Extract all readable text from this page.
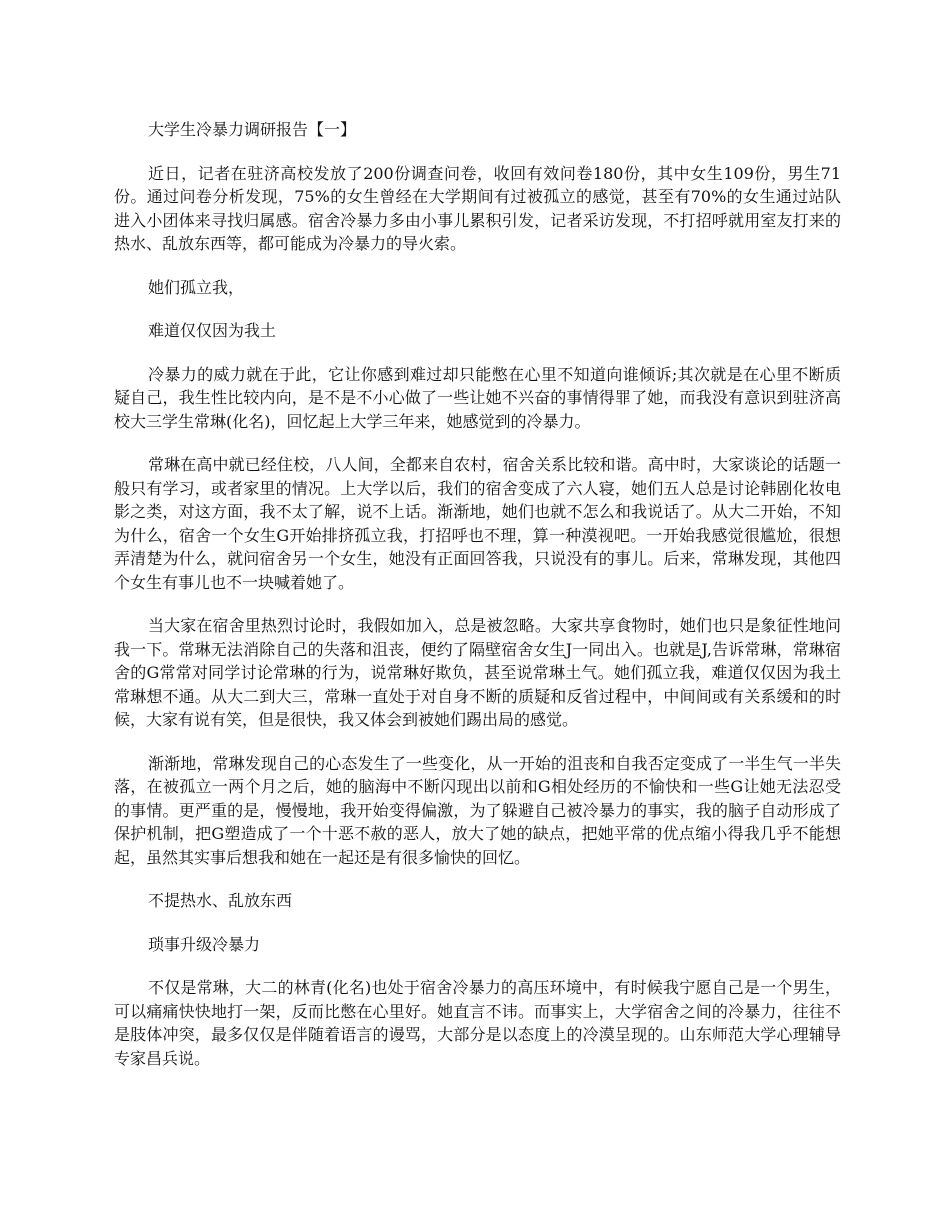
大学生冷暴力调研报告【一】

近日，记者在驻济高校发放了200份调查问卷，收回有效问卷180份，其中女生109份，男生71份。通过问卷分析发现，75%的女生曾经在大学期间有过被孤立的感觉，甚至有70%的女生通过站队进入小团体来寻找归属感。宿舍冷暴力多由小事儿累积引发，记者采访发现，不打招呼就用室友打来的热水、乱放东西等，都可能成为冷暴力的导火索。

她们孤立我，

难道仅仅因为我土

冷暴力的威力就在于此，它让你感到难过却只能憋在心里不知道向谁倾诉;其次就是在心里不断质疑自己，我生性比较内向，是不是不小心做了一些让她不兴奋的事情得罪了她，而我没有意识到驻济高校大三学生常琳(化名)，回忆起上大学三年来，她感觉到的冷暴力。

常琳在高中就已经住校，八人间，全都来自农村，宿舍关系比较和谐。高中时，大家谈论的话题一般只有学习，或者家里的情况。上大学以后，我们的宿舍变成了六人寝，她们五人总是讨论韩剧化妆电影之类，对这方面，我不太了解，说不上话。渐渐地，她们也就不怎么和我说话了。从大二开始，不知为什么，宿舍一个女生G开始排挤孤立我，打招呼也不理，算一种漠视吧。一开始我感觉很尴尬，很想弄清楚为什么，就问宿舍另一个女生，她没有正面回答我，只说没有的事儿。后来，常琳发现，其他四个女生有事儿也不一块喊着她了。

当大家在宿舍里热烈讨论时，我假如加入，总是被忽略。大家共享食物时，她们也只是象征性地问我一下。常琳无法消除自己的失落和沮丧，便约了隔壁宿舍女生J一同出入。也就是J,告诉常琳，常琳宿舍的G常常对同学讨论常琳的行为，说常琳好欺负，甚至说常琳土气。她们孤立我，难道仅仅因为我土常琳想不通。从大二到大三，常琳一直处于对自身不断的质疑和反省过程中，中间间或有关系缓和的时候，大家有说有笑，但是很快，我又体会到被她们踢出局的感觉。

渐渐地，常琳发现自己的心态发生了一些变化，从一开始的沮丧和自我否定变成了一半生气一半失落，在被孤立一两个月之后，她的脑海中不断闪现出以前和G相处经历的不愉快和一些G让她无法忍受的事情。更严重的是，慢慢地，我开始变得偏激，为了躲避自己被冷暴力的事实，我的脑子自动形成了保护机制，把G塑造成了一个十恶不赦的恶人，放大了她的缺点，把她平常的优点缩小得我几乎不能想起，虽然其实事后想我和她在一起还是有很多愉快的回忆。

不提热水、乱放东西

琐事升级冷暴力

不仅是常琳，大二的林青(化名)也处于宿舍冷暴力的高压环境中，有时候我宁愿自己是一个男生，可以痛痛快快地打一架，反而比憋在心里好。她直言不讳。而事实上，大学宿舍之间的冷暴力，往往不是肢体冲突，最多仅仅是伴随着语言的谩骂，大部分是以态度上的冷漠呈现的。山东师范大学心理辅导专家昌兵说。
